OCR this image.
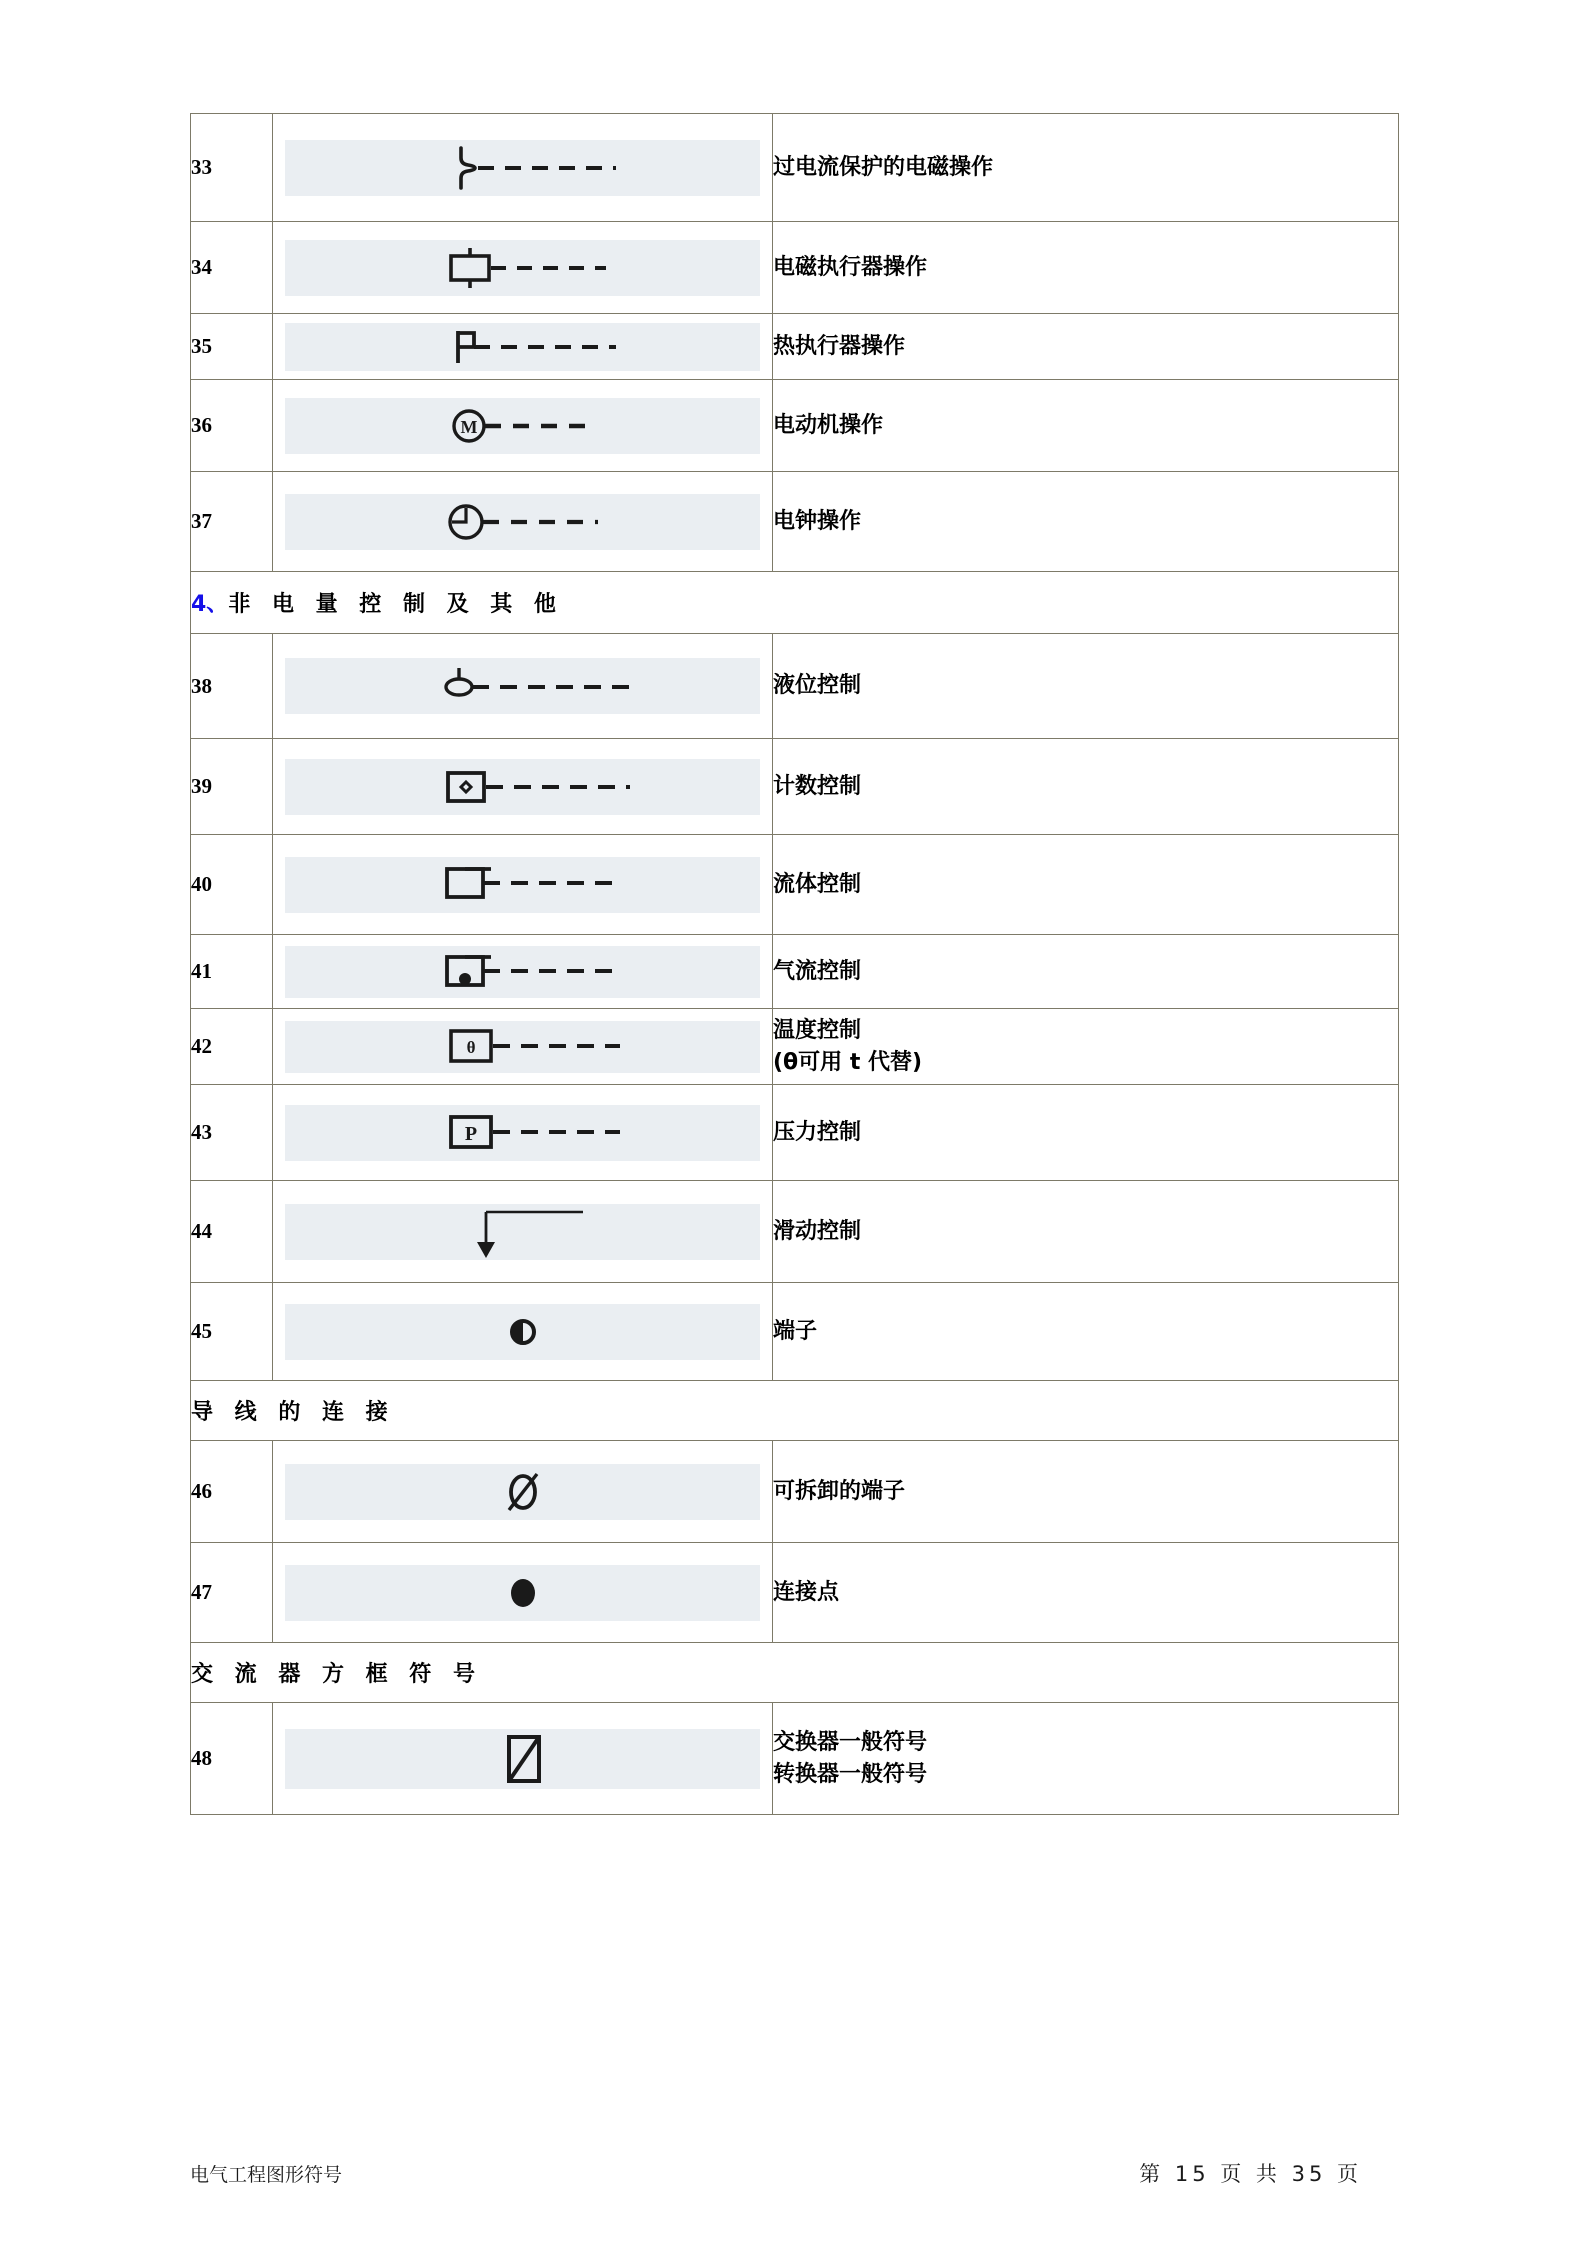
33		过电流保护的电磁操作
34		电磁执行器操作
35		热执行器操作
36	M	电动机操作
37		电钟操作
4、非 电 量 控 制 及 其 他		
38		液位控制
39		计数控制
40		流体控制
41		气流控制
42	θ	温度控制
(θ可用 t 代替)

43	P	压力控制
44		滑动控制
45		端子
导 线 的 连 接		
46		可拆卸的端子
47		连接点
交 流 器 方 框 符 号		
48		交换器一般符号
转换器一般符号
电气工程图形符号	第 15 页 共 35 页
